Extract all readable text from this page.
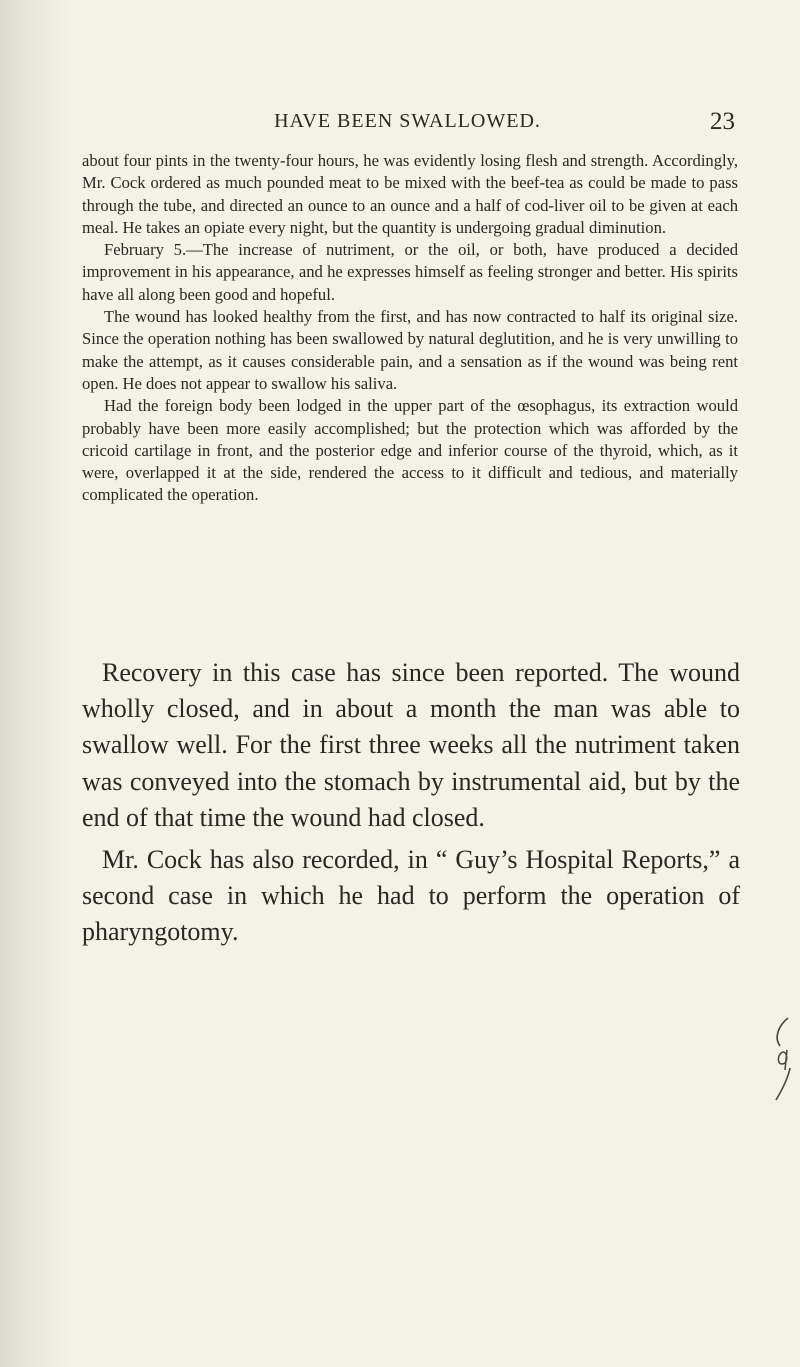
HAVE BEEN SWALLOWED.	23

about four pints in the twenty-four hours, he was evidently losing flesh and strength. Accordingly, Mr. Cock ordered as much pounded meat to be mixed with the beef-tea as could be made to pass through the tube, and directed an ounce to an ounce and a half of cod-liver oil to be given at each meal. He takes an opiate every night, but the quantity is undergoing gradual diminution.

February 5.—The increase of nutriment, or the oil, or both, have produced a decided improvement in his appearance, and he expresses himself as feeling stronger and better. His spirits have all along been good and hopeful.

The wound has looked healthy from the first, and has now contracted to half its original size. Since the operation nothing has been swallowed by natural deglutition, and he is very unwilling to make the attempt, as it causes considerable pain, and a sensation as if the wound was being rent open. He does not appear to swallow his saliva.

Had the foreign body been lodged in the upper part of the œsophagus, its extraction would probably have been more easily accomplished; but the protection which was afforded by the cricoid cartilage in front, and the posterior edge and inferior course of the thyroid, which, as it were, overlapped it at the side, rendered the access to it difficult and tedious, and materially complicated the operation.

Recovery in this case has since been reported. The wound wholly closed, and in about a month the man was able to swallow well. For the first three weeks all the nutriment taken was conveyed into the stomach by instrumental aid, but by the end of that time the wound had closed.

Mr. Cock has also recorded, in “ Guy’s Hospital Reports,” a second case in which he had to perform the operation of pharyngotomy.
